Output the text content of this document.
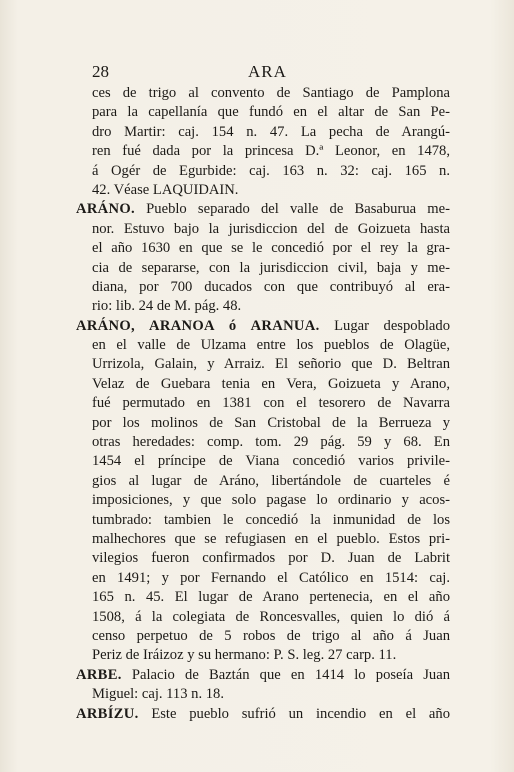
28	ARA
ces de trigo al convento de Santiago de Pamplona
para la capellanía que fundó en el altar de San Pe-
dro Martir: caj. 154 n. 47. La pecha de Arangú-
ren fué dada por la princesa D.ª Leonor, en 1478,
á Ogér de Egurbide: caj. 163 n. 32: caj. 165 n.
42. Véase LAQUIDAIN.
ARÁNO. Pueblo separado del valle de Basaburua me-
nor. Estuvo bajo la jurisdiccion del de Goizueta hasta
el año 1630 en que se le concedió por el rey la gra-
cia de separarse, con la jurisdiccion civil, baja y me-
diana, por 700 ducados con que contribuyó al era-
rio: lib. 24 de M. pág. 48.
ARÁNO, ARANOA ó ARANUA. Lugar despoblado
en el valle de Ulzama entre los pueblos de Olagüe,
Urrizola, Galain, y Arraiz. El señorio que D. Beltran
Velaz de Guebara tenia en Vera, Goizueta y Arano,
fué permutado en 1381 con el tesorero de Navarra
por los molinos de San Cristobal de la Berrueza y
otras heredades: comp. tom. 29 pág. 59 y 68. En
1454 el príncipe de Viana concedió varios privile-
gios al lugar de Aráno, libertándole de cuarteles é
imposiciones, y que solo pagase lo ordinario y acos-
tumbrado: tambien le concedió la inmunidad de los
malhechores que se refugiasen en el pueblo. Estos pri-
vilegios fueron confirmados por D. Juan de Labrit
en 1491; y por Fernando el Católico en 1514: caj.
165 n. 45. El lugar de Arano pertenecia, en el año
1508, á la colegiata de Roncesvalles, quien lo dió á
censo perpetuo de 5 robos de trigo al año á Juan
Periz de Iráizoz y su hermano: P. S. leg. 27 carp. 11.
ARBE. Palacio de Baztán que en 1414 lo poseía Juan
Miguel: caj. 113 n. 18.
ARBÍZU. Este pueblo sufrió un incendio en el año
